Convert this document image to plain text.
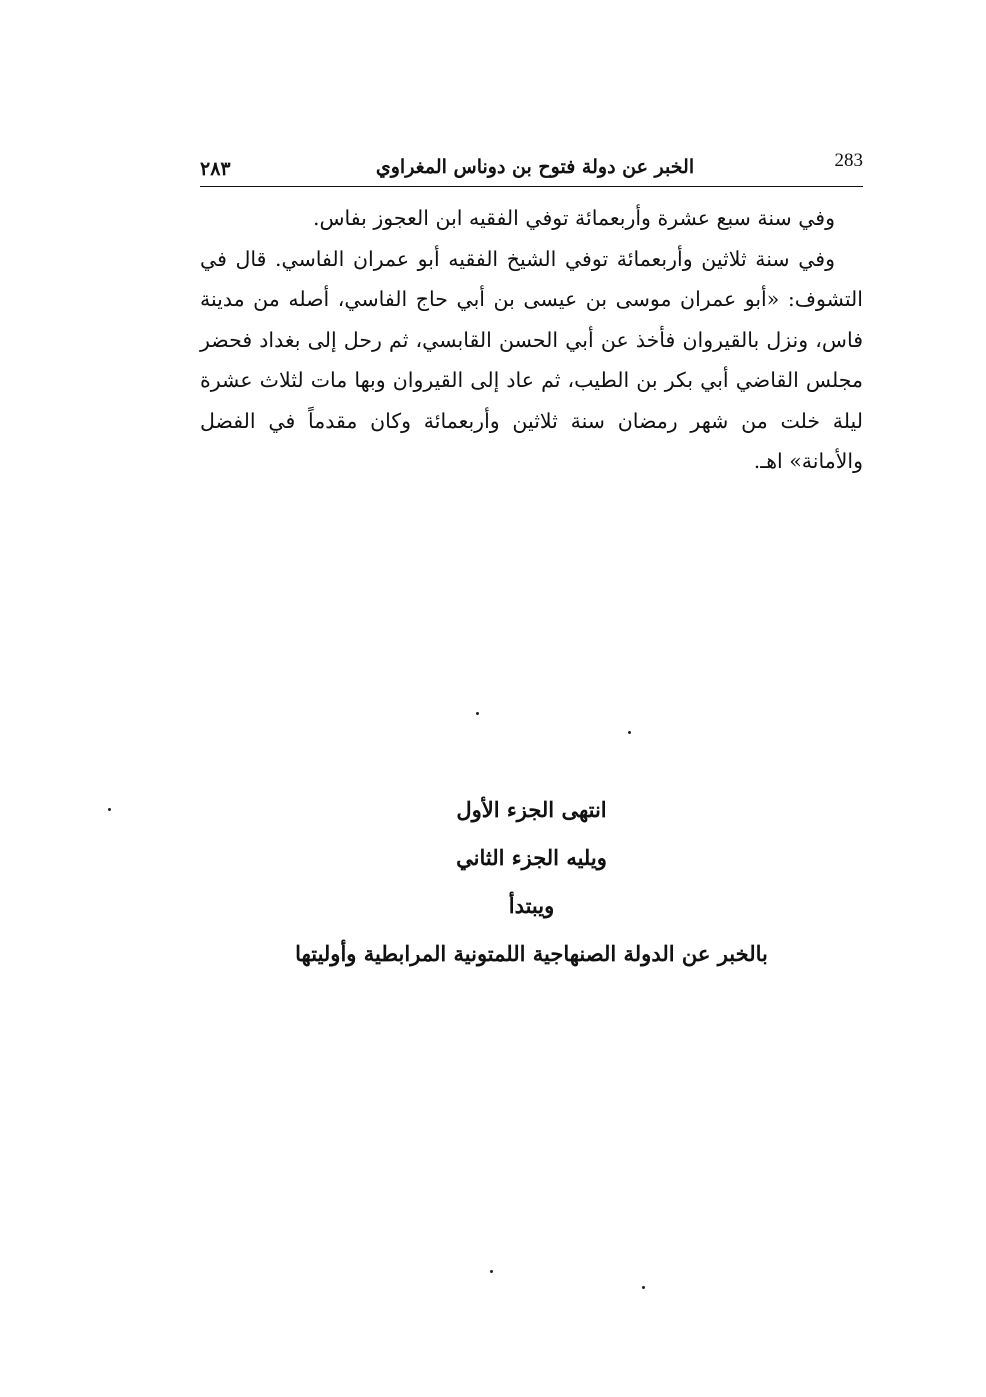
283
الخبر عن دولة فتوح بن دوناس المغراوي
٢٨٣

وفي سنة سبع عشرة وأربعمائة توفي الفقيه ابن العجوز بفاس.

وفي سنة ثلاثين وأربعمائة توفي الشيخ الفقيه أبو عمران الفاسي. قال في التشوف: «أبو عمران موسى بن عيسى بن أبي حاج الفاسي، أصله من مدينة فاس، ونزل بالقيروان فأخذ عن أبي الحسن القابسي، ثم رحل إلى بغداد فحضر مجلس القاضي أبي بكر بن الطيب، ثم عاد إلى القيروان وبها مات لثلاث عشرة ليلة خلت من شهر رمضان سنة ثلاثين وأربعمائة وكان مقدماً في الفضل والأمانة» اهـ.

انتهى الجزء الأول
ويليه الجزء الثاني
ويبتدأ
بالخبر عن الدولة الصنهاجية اللمتونية المرابطية وأوليتها
